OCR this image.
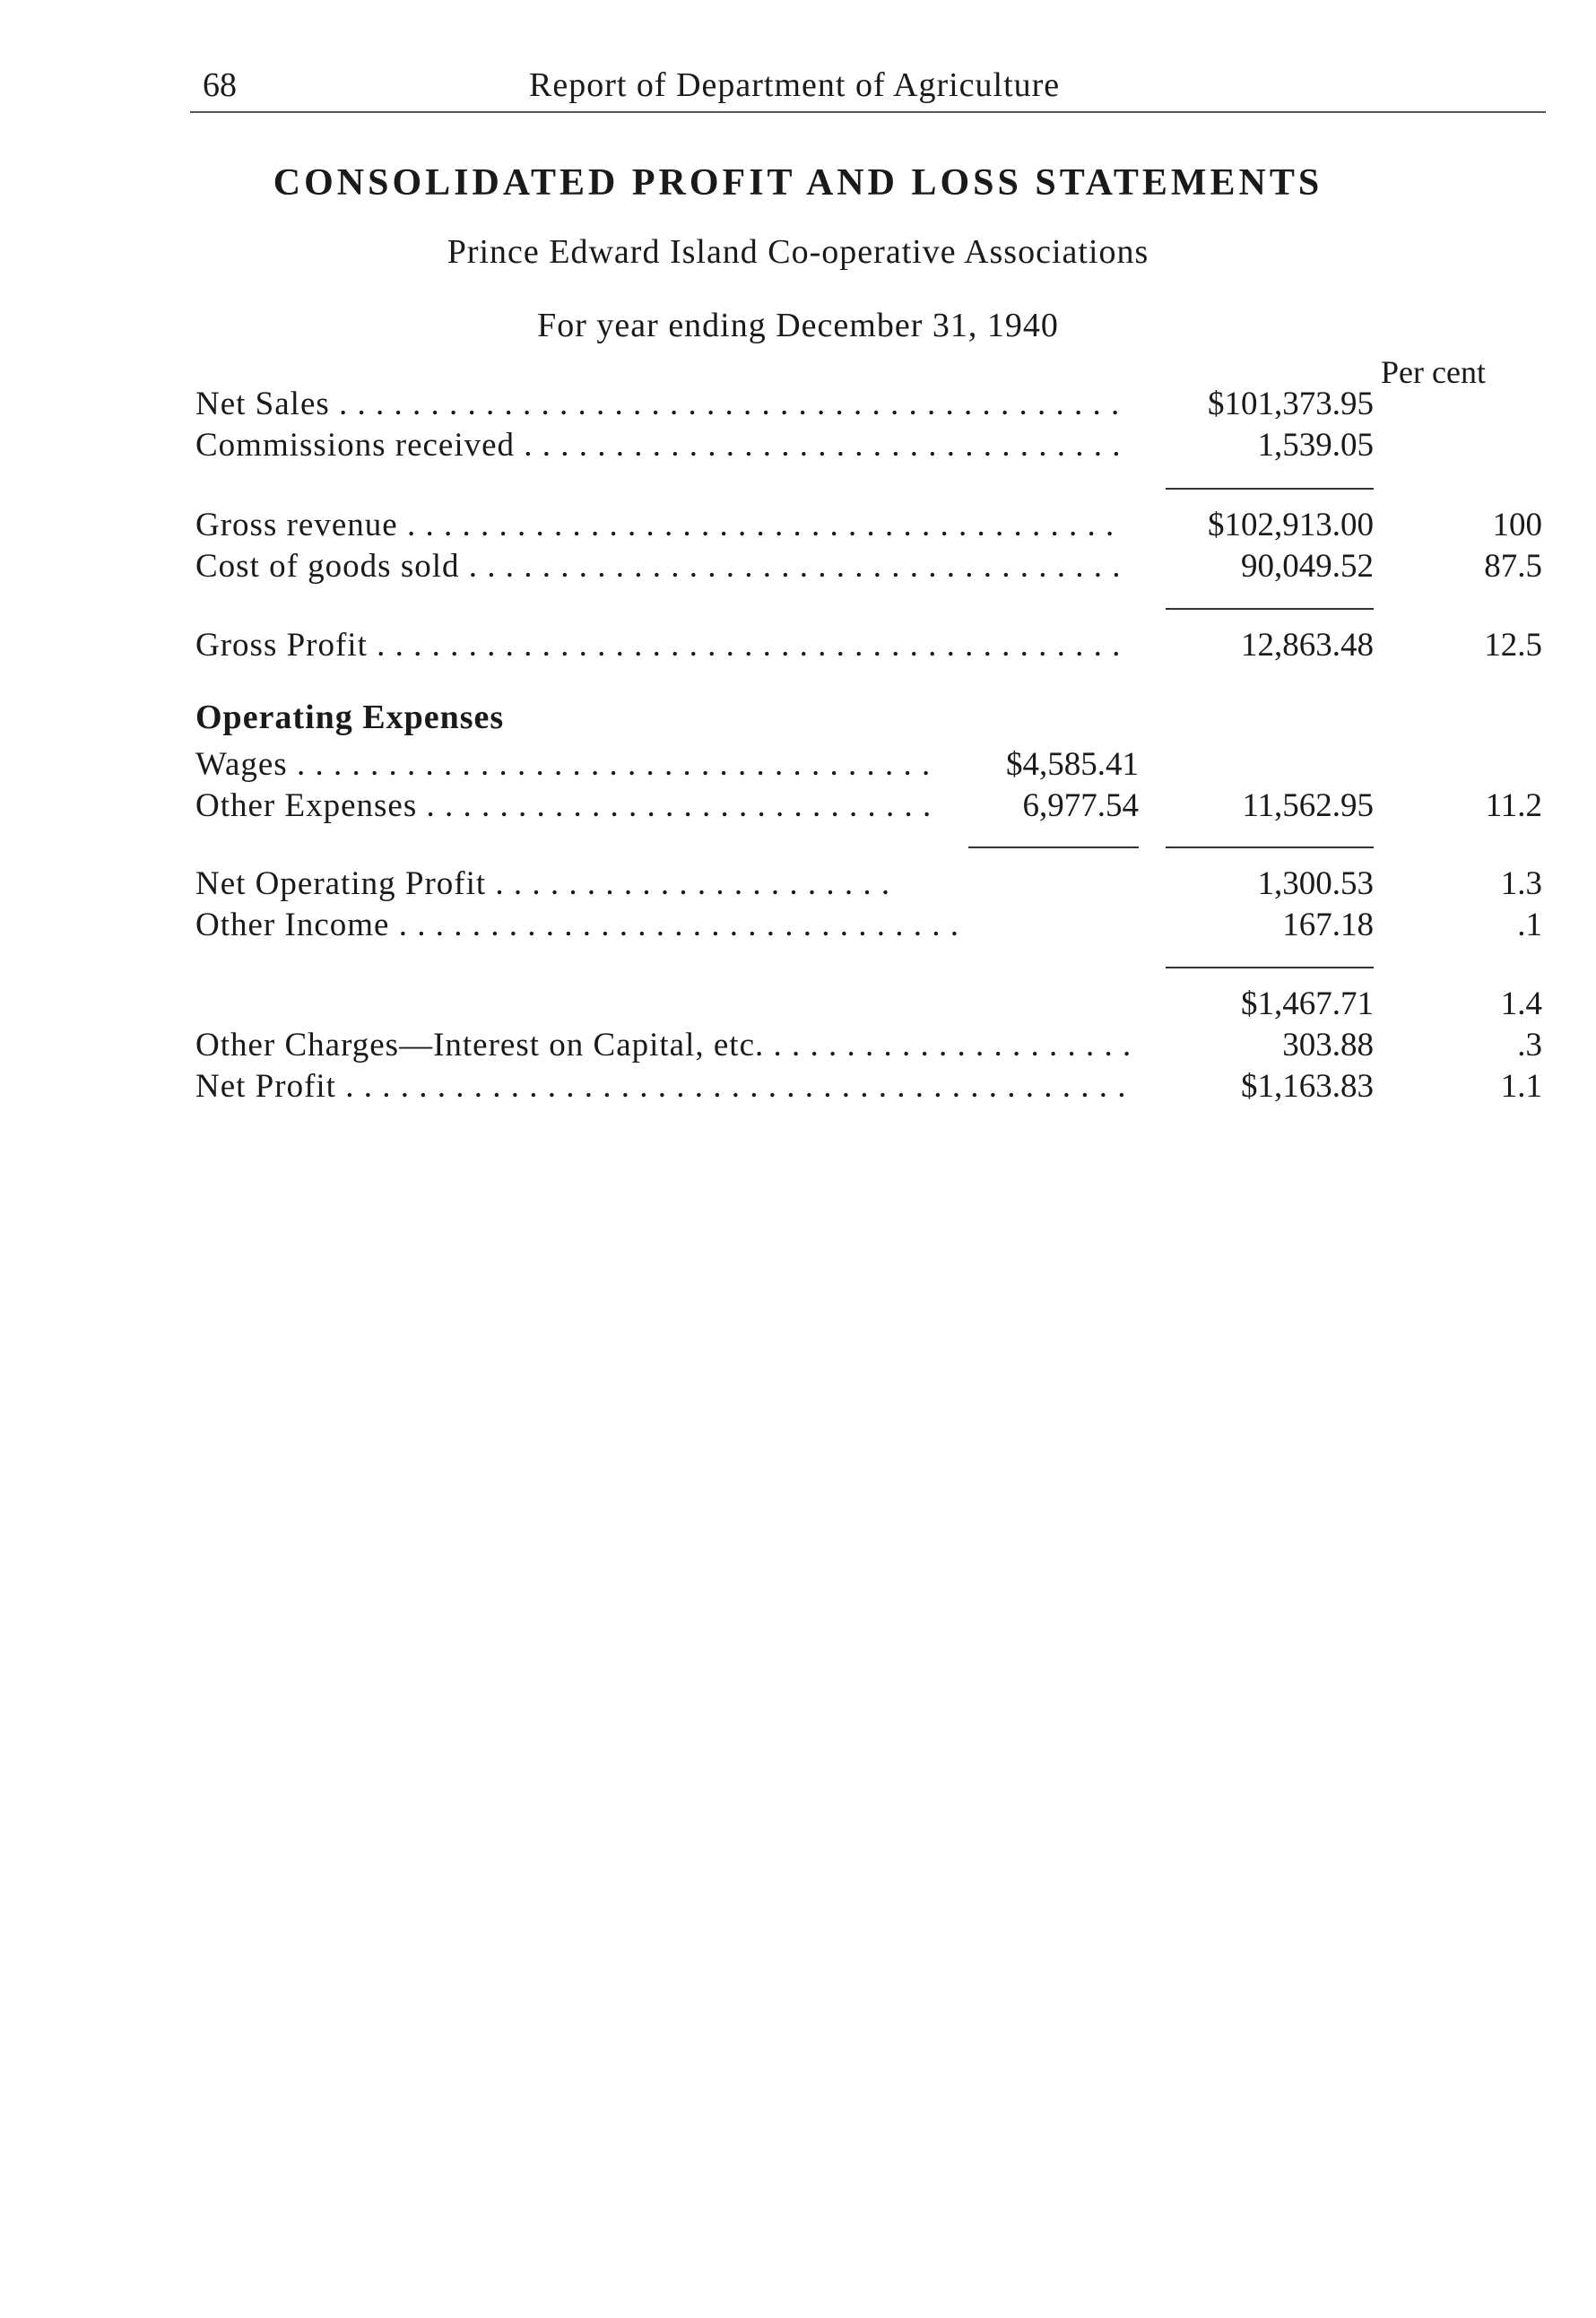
68	Report of Department of Agriculture
CONSOLIDATED PROFIT AND LOSS STATEMENTS
Prince Edward Island Co-operative Associations
For year ending December 31, 1940
Per cent
Net Sales . . .	$101,373.95
Commissions received . . .	1,539.05
Gross revenue . . .	$102,913.00	100
Cost of goods sold . . .	90,049.52	87.5
Gross Profit . . .	12,863.48	12.5
Operating Expenses
Wages . . .	$4,585.41
Other Expenses . . .	6,977.54	11,562.95	11.2
Net Operating Profit . . .	1,300.53	1.3
Other Income . . .	167.18	.1
$1,467.71	1.4
Other Charges—Interest on Capital, etc. . . .	303.88	.3
Net Profit . . .	$1,163.83	1.1
